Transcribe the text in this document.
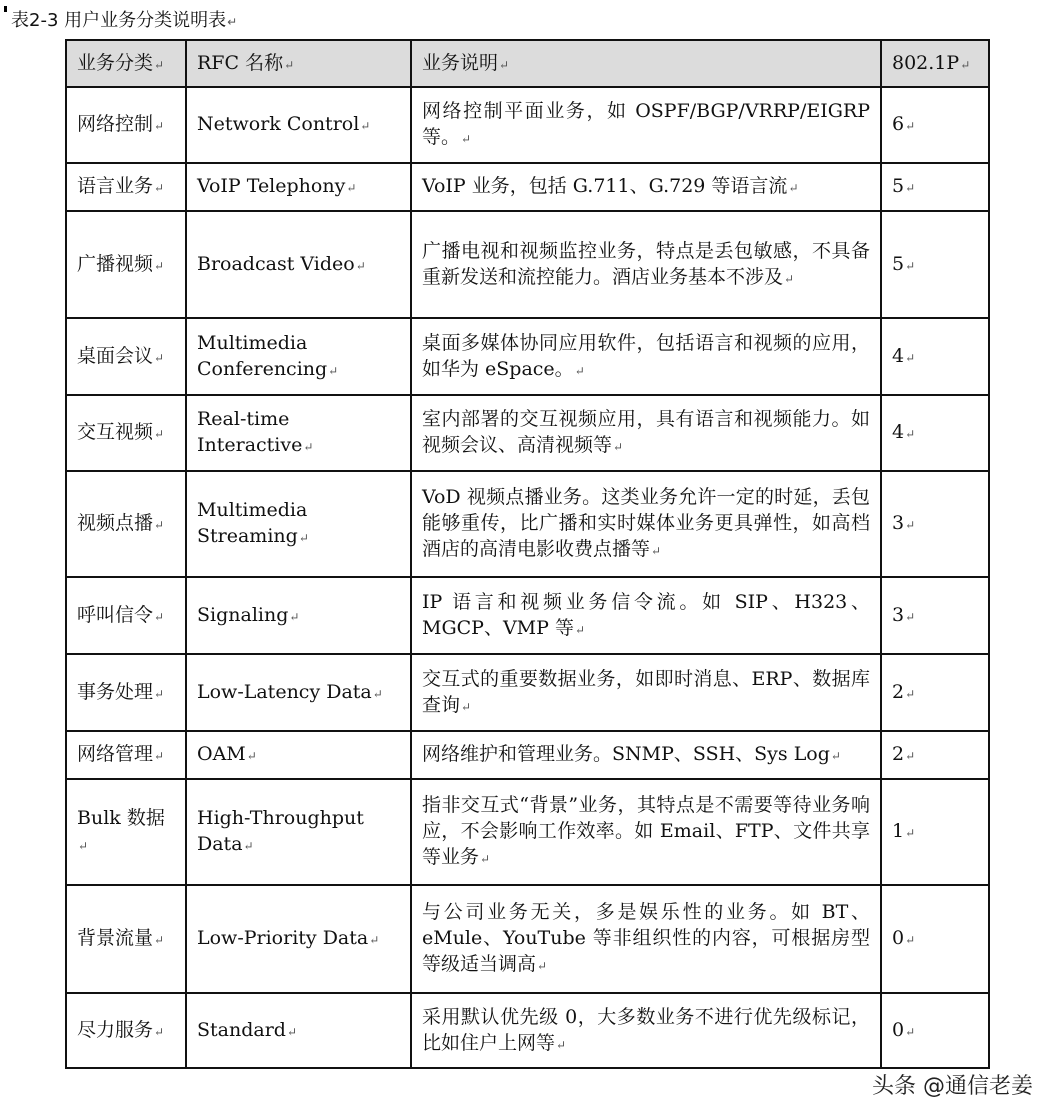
表2-3 用户业务分类说明表 ↵
业务分类 ↵	RFC 名称 ↵	业务说明 ↵	802.1P ↵
网络控制 ↵	Network Control ↵	网络控制平面业务，如 OSPF/BGP/VRRP/EIGRP 等。 ↵	6 ↵
语言业务 ↵	VoIP Telephony ↵	VoIP 业务，包括 G.711、G.729 等语言流 ↵	5 ↵
广播视频 ↵	Broadcast Video ↵	广播电视和视频监控业务，特点是丢包敏感，不具备重新发送和流控能力。酒店业务基本不涉及 ↵	5 ↵
桌面会议 ↵	Multimedia Conferencing ↵	桌面多媒体协同应用软件，包括语言和视频的应用，如华为 eSpace。 ↵	4 ↵
交互视频 ↵	Real-time Interactive ↵	室内部署的交互视频应用，具有语言和视频能力。如视频会议、高清视频等 ↵	4 ↵
视频点播 ↵	Multimedia Streaming ↵	VoD 视频点播业务。这类业务允许一定的时延，丢包能够重传，比广播和实时媒体业务更具弹性，如高档酒店的高清电影收费点播等 ↵	3 ↵
呼叫信令 ↵	Signaling ↵	IP 语言和视频业务信令流。如 SIP、H323、MGCP、VMP 等 ↵	3 ↵
事务处理 ↵	Low-Latency Data ↵	交互式的重要数据业务，如即时消息、ERP、数据库查询 ↵	2 ↵
网络管理 ↵	OAM ↵	网络维护和管理业务。SNMP、SSH、Sys Log ↵	2 ↵
Bulk 数据 ↵	High-Throughput Data ↵	指非交互式“背景”业务，其特点是不需要等待业务响应，不会影响工作效率。如 Email、FTP、文件共享等业务 ↵	1 ↵
背景流量 ↵	Low-Priority Data ↵	与公司业务无关，多是娱乐性的业务。如 BT、eMule、YouTube 等非组织性的内容，可根据房型等级适当调高 ↵	0 ↵
尽力服务 ↵	Standard ↵	采用默认优先级 0，大多数业务不进行优先级标记，比如住户上网等 ↵	0 ↵
头条 @通信老姜
